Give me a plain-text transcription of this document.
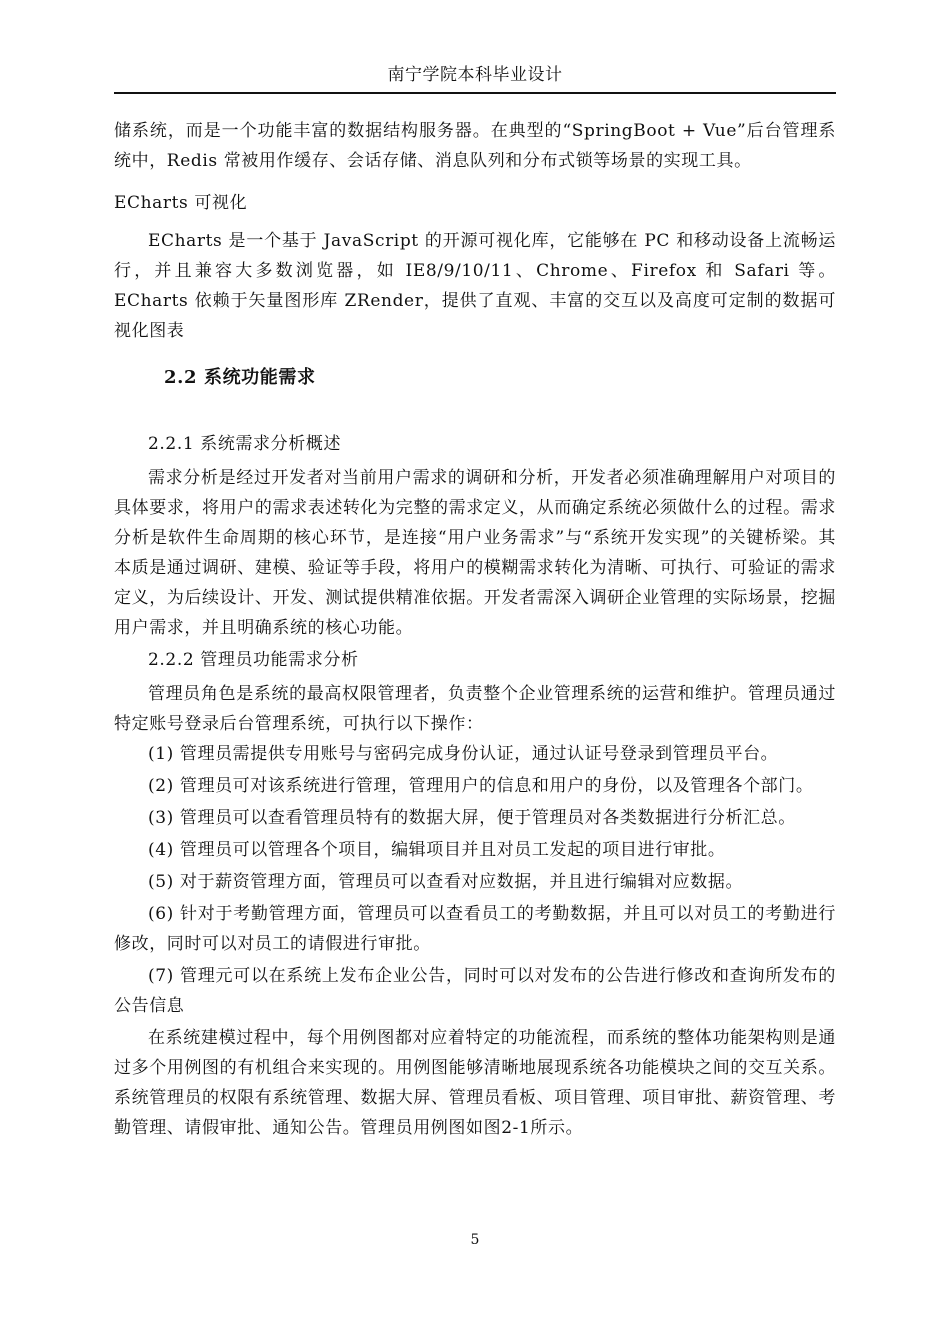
南宁学院本科毕业设计

储系统，而是一个功能丰富的数据结构服务器。在典型的“SpringBoot + Vue”后台管理系统中，Redis 常被用作缓存、会话存储、消息队列和分布式锁等场景的实现工具。

ECharts 可视化

ECharts 是一个基于 JavaScript 的开源可视化库，它能够在 PC 和移动设备上流畅运行，并且兼容大多数浏览器，如 IE8/9/10/11、Chrome、Firefox 和 Safari 等。ECharts 依赖于矢量图形库 ZRender，提供了直观、丰富的交互以及高度可定制的数据可视化图表

2.2 系统功能需求

2.2.1 系统需求分析概述

需求分析是经过开发者对当前用户需求的调研和分析，开发者必须准确理解用户对项目的具体要求，将用户的需求表述转化为完整的需求定义，从而确定系统必须做什么的过程。需求分析是软件生命周期的核心环节，是连接“用户业务需求”与“系统开发实现”的关键桥梁。其本质是通过调研、建模、验证等手段，将用户的模糊需求转化为清晰、可执行、可验证的需求定义，为后续设计、开发、测试提供精准依据。开发者需深入调研企业管理的实际场景，挖掘用户需求，并且明确系统的核心功能。

2.2.2 管理员功能需求分析

管理员角色是系统的最高权限管理者，负责整个企业管理系统的运营和维护。管理员通过特定账号登录后台管理系统，可执行以下操作：

(1) 管理员需提供专用账号与密码完成身份认证，通过认证号登录到管理员平台。

(2) 管理员可对该系统进行管理，管理用户的信息和用户的身份，以及管理各个部门。

(3) 管理员可以查看管理员特有的数据大屏，便于管理员对各类数据进行分析汇总。

(4) 管理员可以管理各个项目，编辑项目并且对员工发起的项目进行审批。

(5) 对于薪资管理方面，管理员可以查看对应数据，并且进行编辑对应数据。

(6) 针对于考勤管理方面，管理员可以查看员工的考勤数据，并且可以对员工的考勤进行修改，同时可以对员工的请假进行审批。

(7) 管理元可以在系统上发布企业公告，同时可以对发布的公告进行修改和查询所发布的公告信息

在系统建模过程中，每个用例图都对应着特定的功能流程，而系统的整体功能架构则是通过多个用例图的有机组合来实现的。用例图能够清晰地展现系统各功能模块之间的交互关系。系统管理员的权限有系统管理、数据大屏、管理员看板、项目管理、项目审批、薪资管理、考勤管理、请假审批、通知公告。管理员用例图如图2-1所示。

5
